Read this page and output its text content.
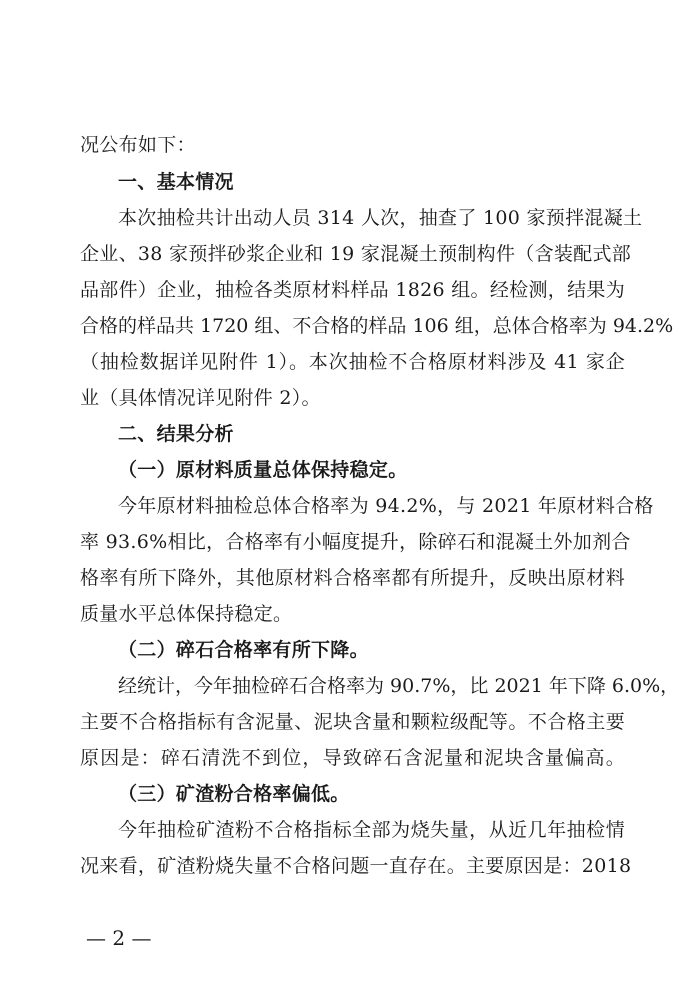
况公布如下：
一、基本情况
本次抽检共计出动人员 314 人次，抽查了 100 家预拌混凝土
企业、38 家预拌砂浆企业和 19 家混凝土预制构件（含装配式部
品部件）企业，抽检各类原材料样品 1826 组。经检测，结果为
合格的样品共 1720 组、不合格的样品 106 组，总体合格率为 94.2%
（抽检数据详见附件 1）。本次抽检不合格原材料涉及 41 家企
业（具体情况详见附件 2）。
二、结果分析
（一）原材料质量总体保持稳定。
今年原材料抽检总体合格率为 94.2%，与 2021 年原材料合格
率 93.6%相比，合格率有小幅度提升，除碎石和混凝土外加剂合
格率有所下降外，其他原材料合格率都有所提升，反映出原材料
质量水平总体保持稳定。
（二）碎石合格率有所下降。
经统计，今年抽检碎石合格率为 90.7%，比 2021 年下降 6.0%，
主要不合格指标有含泥量、泥块含量和颗粒级配等。不合格主要
原因是：碎石清洗不到位，导致碎石含泥量和泥块含量偏高。
（三）矿渣粉合格率偏低。
今年抽检矿渣粉不合格指标全部为烧失量，从近几年抽检情
况来看，矿渣粉烧失量不合格问题一直存在。主要原因是：2018
— 2 —
